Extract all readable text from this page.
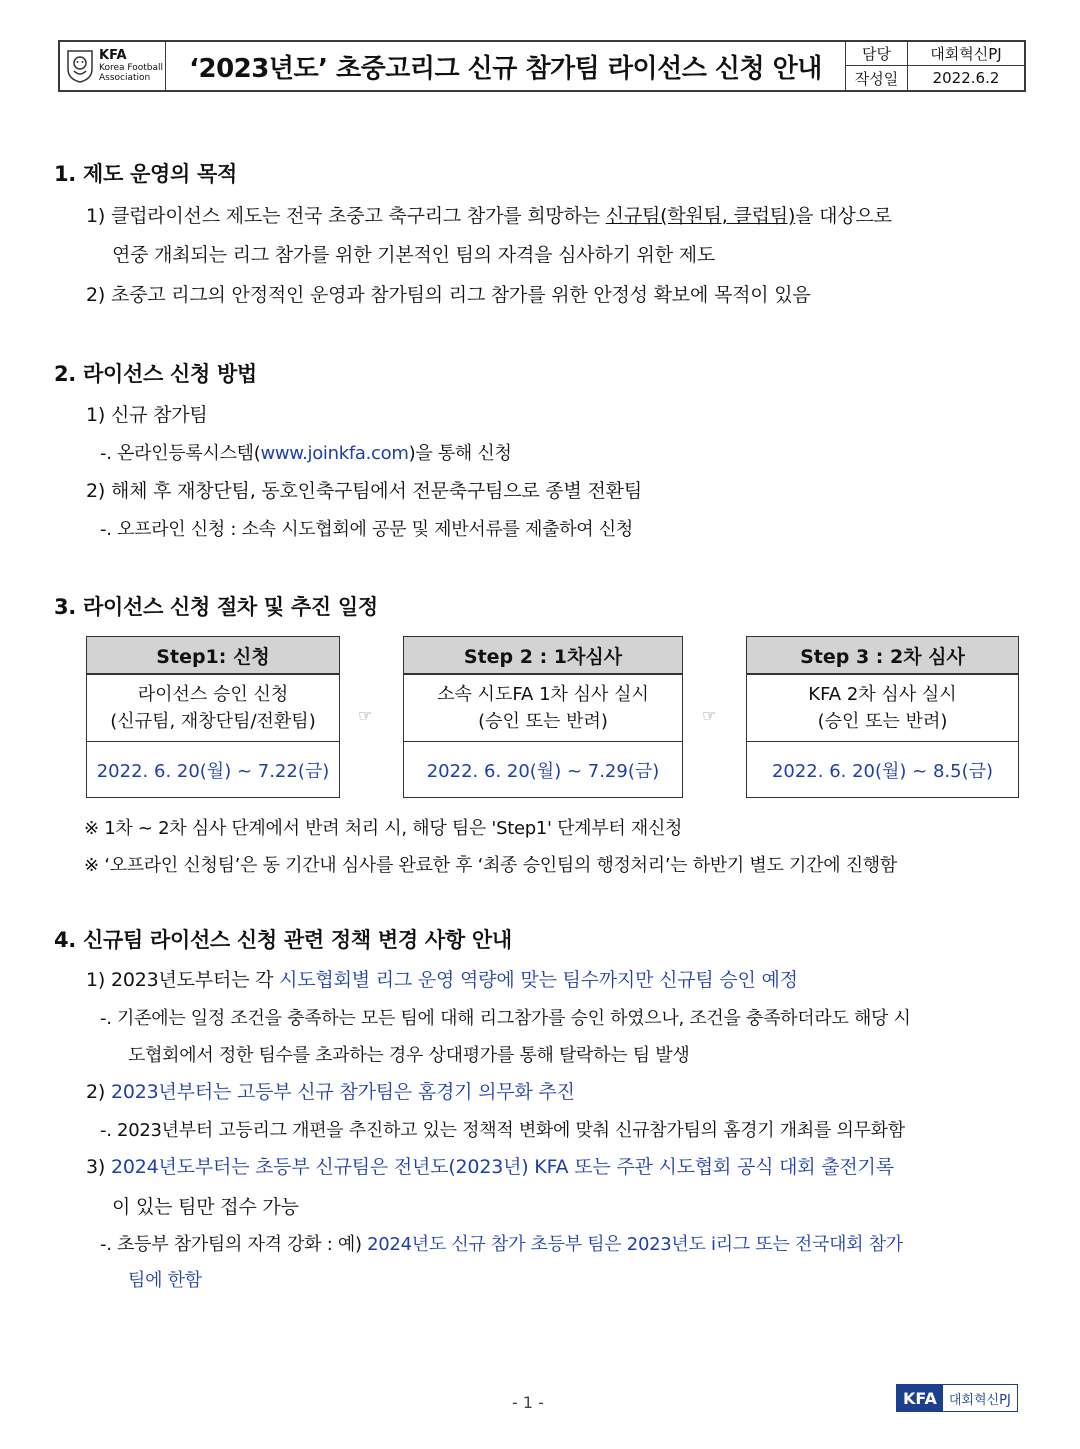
KFA
Korea Football
Association	‘2023년도’ 초중고리그 신규 참가팀 라이선스 신청 안내	담당	대회혁신PJ
작성일	2022.6.2
1. 제도 운영의 목적
1) 클럽라이선스 제도는 전국 초중고 축구리그 참가를 희망하는 신규팀(학원팀, 클럽팀)을 대상으로
연중 개최되는 리그 참가를 위한 기본적인 팀의 자격을 심사하기 위한 제도
2) 초중고 리그의 안정적인 운영과 참가팀의 리그 참가를 위한 안정성 확보에 목적이 있음
2. 라이선스 신청 방법
1) 신규 참가팀
-. 온라인등록시스템(www.joinkfa.com)을 통해 신청
2) 해체 후 재창단팀, 동호인축구팀에서 전문축구팀으로 종별 전환팀
-. 오프라인 신청 : 소속 시도협회에 공문 및 제반서류를 제출하여 신청
3. 라이선스 신청 절차 및 추진 일정
Step1: 신청
라이선스 승인 신청
(신규팀, 재창단팀/전환팀)
2022. 6. 20(월) ~ 7.22(금)
☞
Step 2 : 1차심사
소속 시도FA 1차 심사 실시
(승인 또는 반려)
2022. 6. 20(월) ~ 7.29(금)
☞
Step 3 : 2차 심사
KFA 2차 심사 실시
(승인 또는 반려)
2022. 6. 20(월) ~ 8.5(금)
※ 1차 ~ 2차 심사 단계에서 반려 처리 시, 해당 팀은 'Step1' 단계부터 재신청
※ ‘오프라인 신청팀’은 동 기간내 심사를 완료한 후 ‘최종 승인팀의 행정처리’는 하반기 별도 기간에 진행함
4. 신규팀 라이선스 신청 관련 정책 변경 사항 안내
1) 2023년도부터는 각 시도협회별 리그 운영 역량에 맞는 팀수까지만 신규팀 승인 예정
-. 기존에는 일정 조건을 충족하는 모든 팀에 대해 리그참가를 승인 하였으나, 조건을 충족하더라도 해당 시
도협회에서 정한 팀수를 초과하는 경우 상대평가를 통해 탈락하는 팀 발생
2) 2023년부터는 고등부 신규 참가팀은 홈경기 의무화 추진
-. 2023년부터 고등리그 개편을 추진하고 있는 정책적 변화에 맞춰 신규참가팀의 홈경기 개최를 의무화함
3) 2024년도부터는 초등부 신규팀은 전년도(2023년) KFA 또는 주관 시도협회 공식 대회 출전기록
이 있는 팀만 접수 가능
-. 초등부 참가팀의 자격 강화 : 예) 2024년도 신규 참가 초등부 팀은 2023년도 i리그 또는 전국대회 참가
팀에 한함
- 1 -	KFA 대회혁신PJ
